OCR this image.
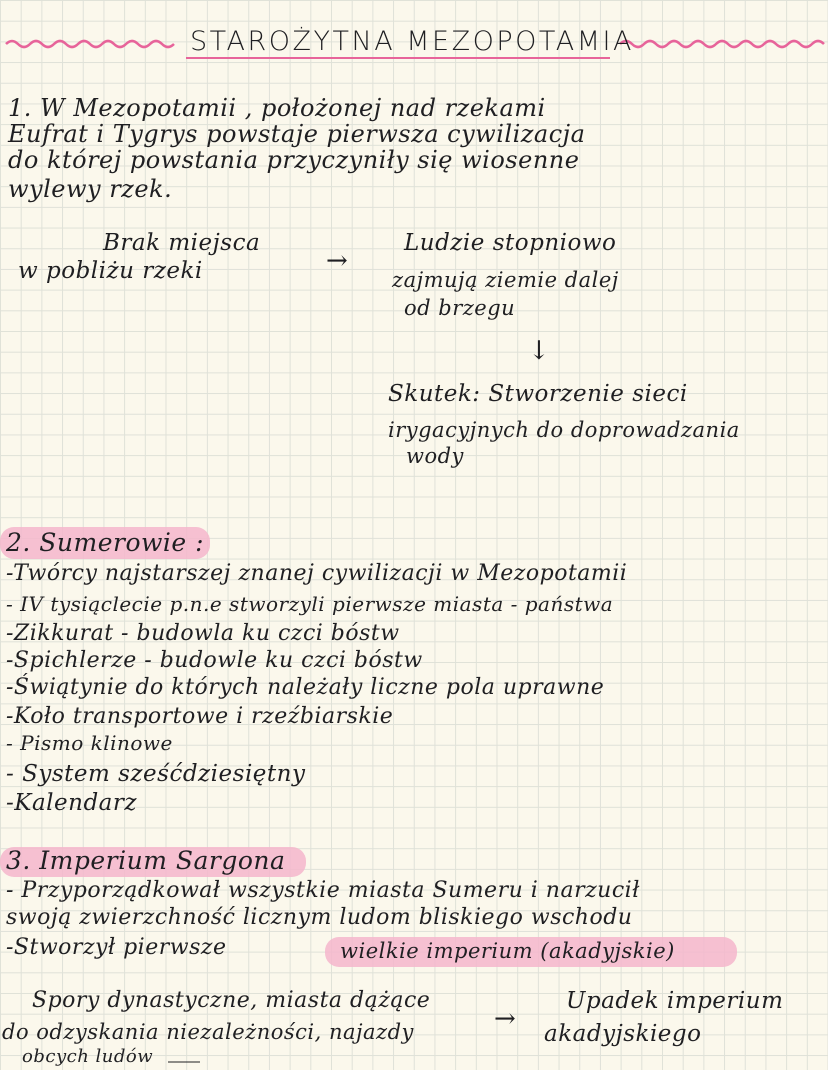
STAROŻYTNA MEZOPOTAMIA
1. W Mezopotamii , położonej nad rzekami
Eufrat i Tygrys powstaje pierwsza cywilizacja
do której powstania przyczyniły się wiosenne
wylewy rzek.
Brak miejsca
w pobliżu rzeki	→
Ludzie stopniowo
zajmują ziemie dalej
od brzegu
↓
Skutek: Stworzenie sieci
irygacyjnych do doprowadzania
wody
2. Sumerowie :
-Twórcy najstarszej znanej cywilizacji w Mezopotamii
- IV tysiąclecie p.n.e stworzyli pierwsze miasta - państwa
-Zikkurat - budowla ku czci bóstw
-Spichlerze - budowle ku czci bóstw
-Świątynie do których należały liczne pola uprawne
-Koło transportowe i rzeźbiarskie
- Pismo klinowe
- System sześćdziesiętny
-Kalendarz
3. Imperium Sargona
- Przyporządkował wszystkie miasta Sumeru i narzucił
swoją zwierzchność licznym ludom bliskiego wschodu
-Stworzył pierwsze	wielkie imperium (akadyjskie)
Spory dynastyczne, miasta dążące
do odzyskania niezależności, najazdy
obcych ludów
→
Upadek imperium
akadyjskiego
